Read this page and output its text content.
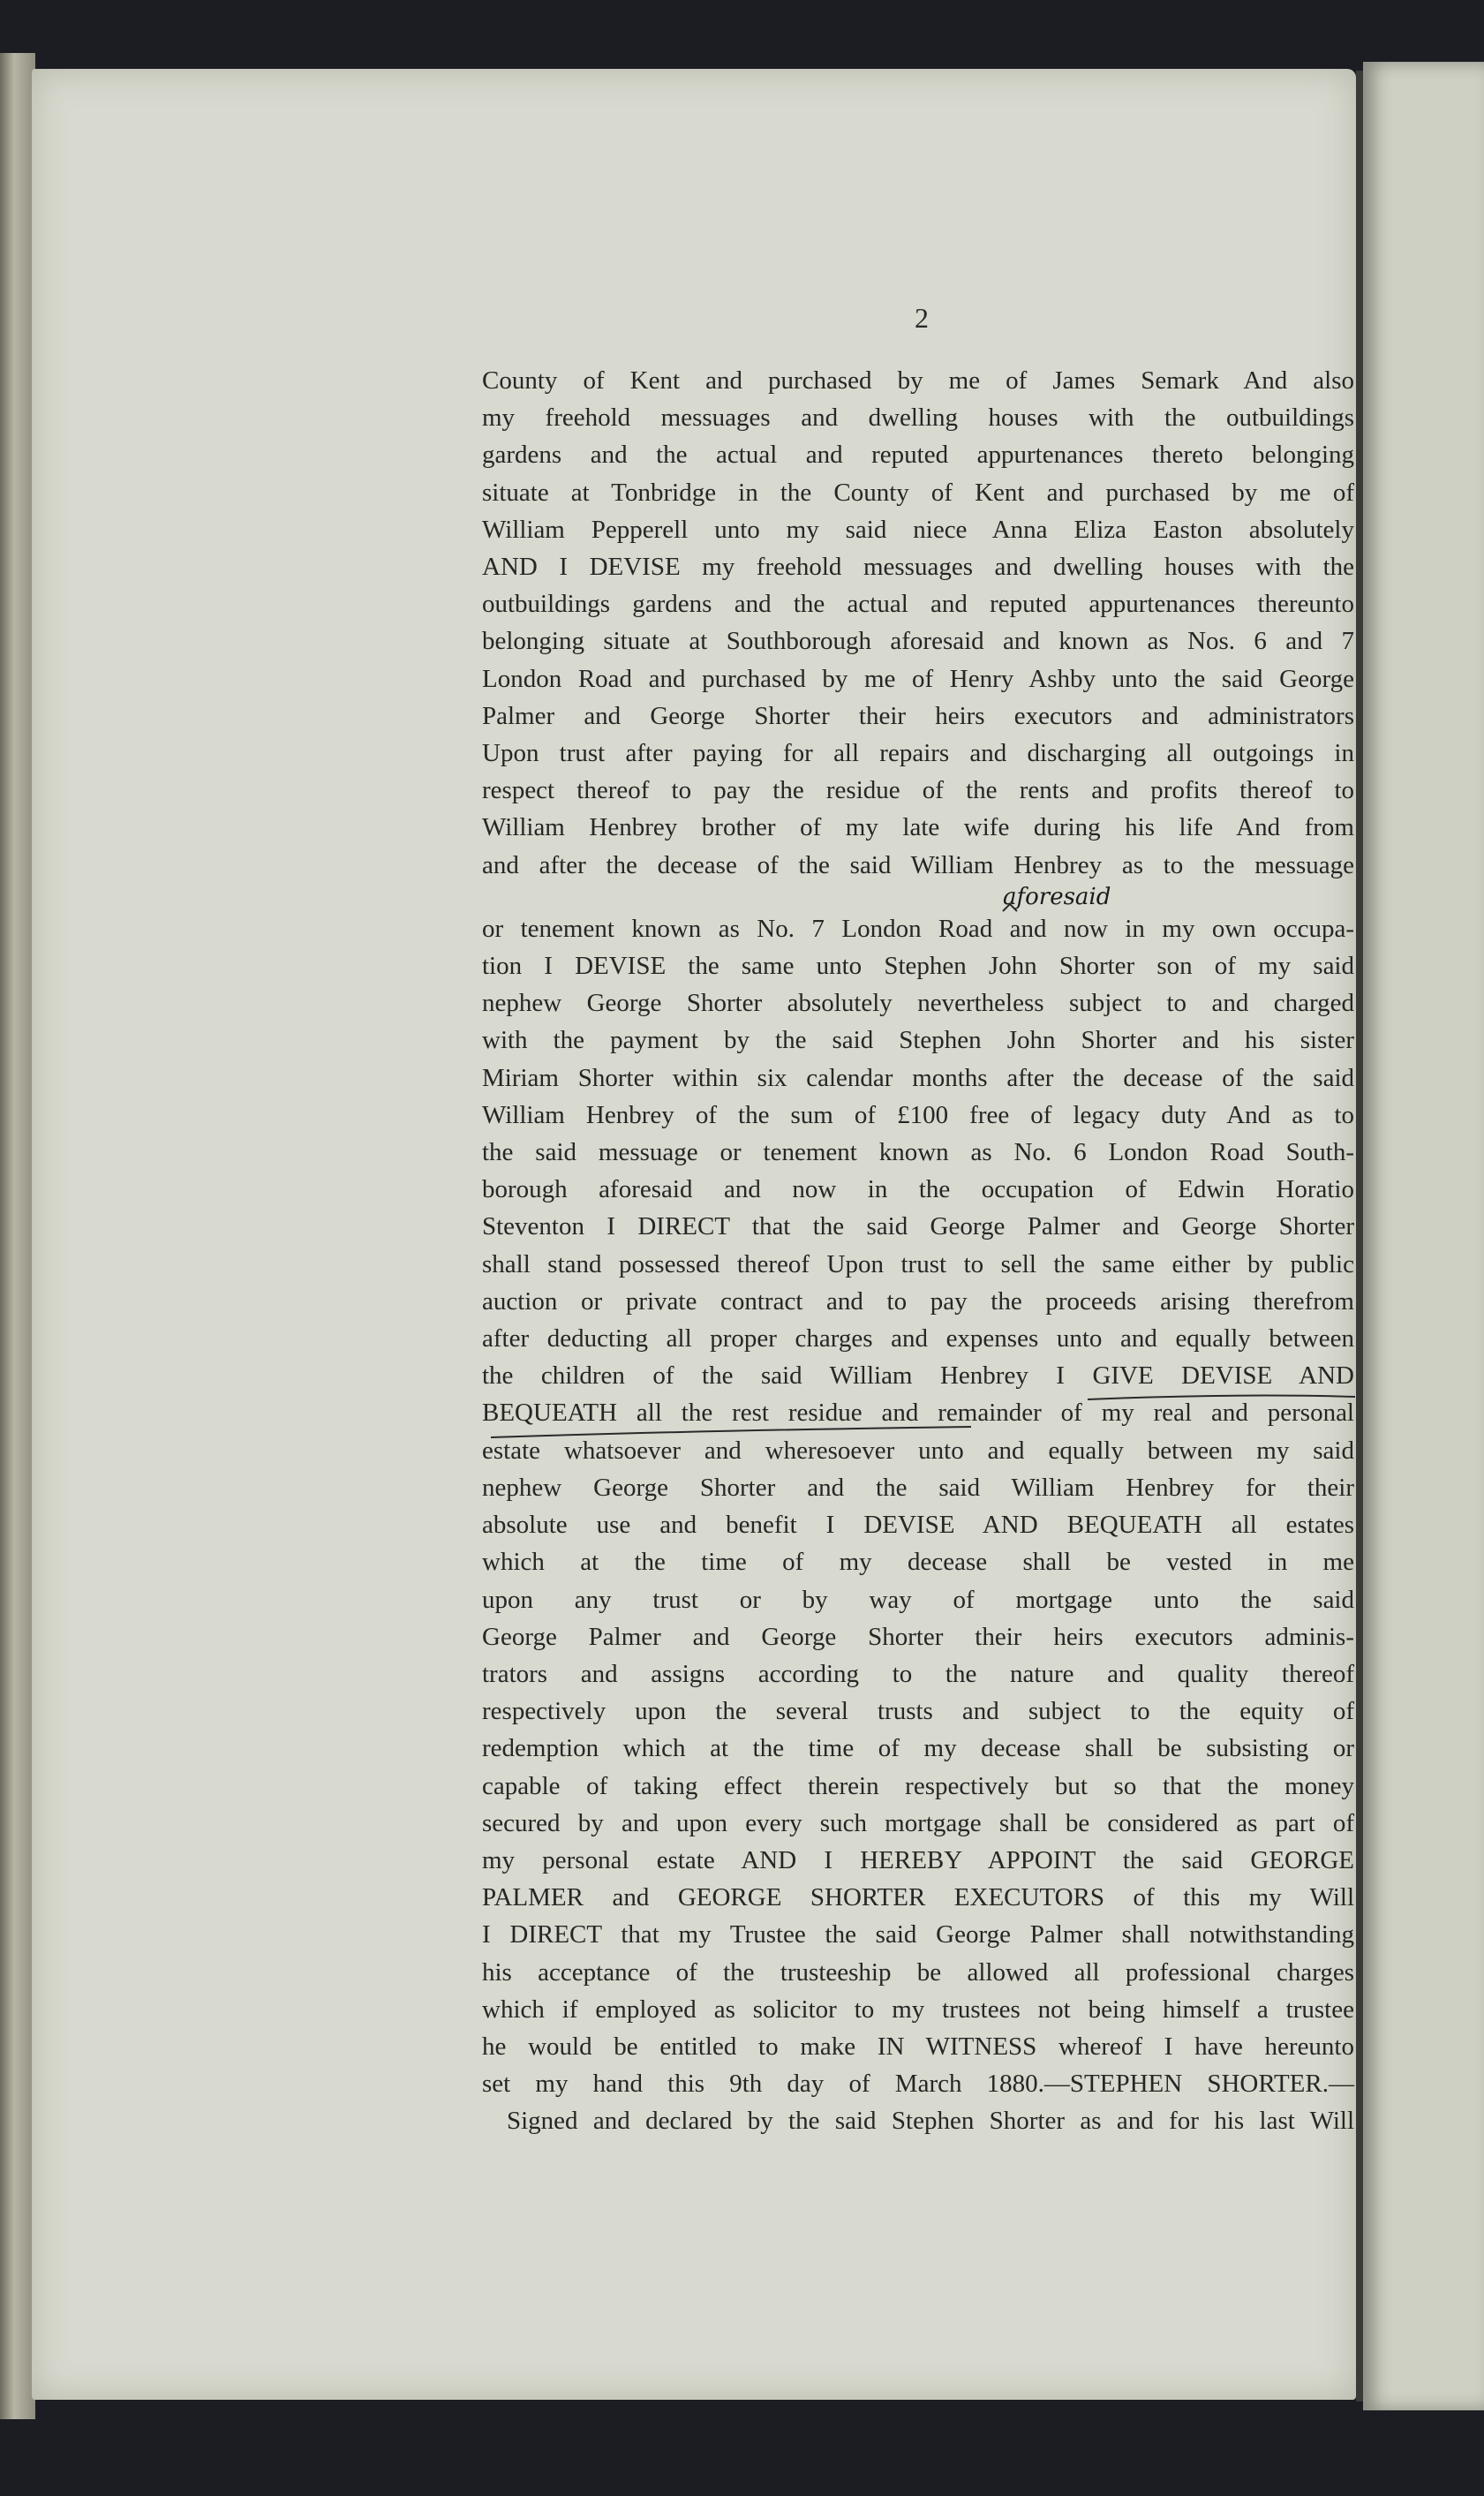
2
County of Kent and purchased by me of James Semark And also
my freehold messuages and dwelling houses with the outbuildings
gardens and the actual and reputed appurtenances thereto belonging
situate at Tonbridge in the County of Kent and purchased by me of
William Pepperell unto my said niece Anna Eliza Easton absolutely
AND I DEVISE my freehold messuages and dwelling houses with the
outbuildings gardens and the actual and reputed appurtenances thereunto
belonging situate at Southborough aforesaid and known as Nos. 6 and 7
London Road and purchased by me of Henry Ashby unto the said George
Palmer and George Shorter their heirs executors and administrators
Upon trust after paying for all repairs and discharging all outgoings in
respect thereof to pay the residue of the rents and profits thereof to
William Henbrey brother of my late wife during his life And from
and after the decease of the said William Henbrey as to the messuage
aforesaid
or tenement known as No. 7 London Road and now in my own occupa-
tion I DEVISE the same unto Stephen John Shorter son of my said
nephew George Shorter absolutely nevertheless subject to and charged
with the payment by the said Stephen John Shorter and his sister
Miriam Shorter within six calendar months after the decease of the said
William Henbrey of the sum of £100 free of legacy duty And as to
the said messuage or tenement known as No. 6 London Road South-
borough aforesaid and now in the occupation of Edwin Horatio
Steventon I DIRECT that the said George Palmer and George Shorter
shall stand possessed thereof Upon trust to sell the same either by public
auction or private contract and to pay the proceeds arising therefrom
after deducting all proper charges and expenses unto and equally between
the children of the said William Henbrey I GIVE DEVISE AND
BEQUEATH all the rest residue and remainder of my real and personal
estate whatsoever and wheresoever unto and equally between my said
nephew George Shorter and the said William Henbrey for their
absolute use and benefit I DEVISE AND BEQUEATH all estates
which at the time of my decease shall be vested in me
upon any trust or by way of mortgage unto the said
George Palmer and George Shorter their heirs executors adminis-
trators and assigns according to the nature and quality thereof
respectively upon the several trusts and subject to the equity of
redemption which at the time of my decease shall be subsisting or
capable of taking effect therein respectively but so that the money
secured by and upon every such mortgage shall be considered as part of
my personal estate AND I HEREBY APPOINT the said GEORGE
PALMER and GEORGE SHORTER EXECUTORS of this my Will
I DIRECT that my Trustee the said George Palmer shall notwithstanding
his acceptance of the trusteeship be allowed all professional charges
which if employed as solicitor to my trustees not being himself a trustee
he would be entitled to make IN WITNESS whereof I have hereunto
set my hand this 9th day of March 1880.—STEPHEN SHORTER.—
Signed and declared by the said Stephen Shorter as and for his last Will
